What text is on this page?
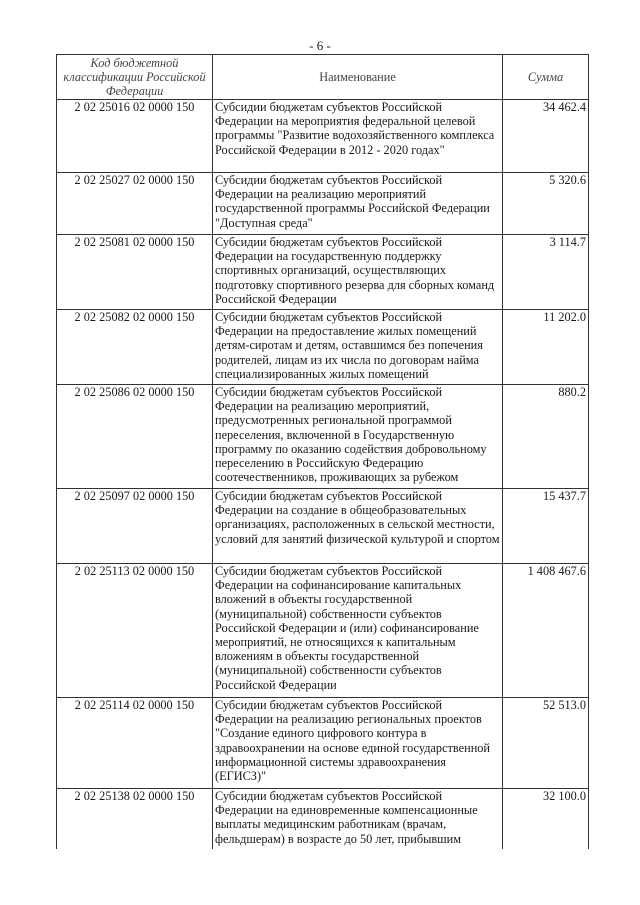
- 6 -
Код бюджетной классификации Российской Федерации	Наименование	Сумма
2 02 25016 02 0000 150	Субсидии бюджетам субъектов Российской Федерации на мероприятия федеральной целевой программы "Развитие водохозяйственного комплекса Российской Федерации в 2012 - 2020 годах"	34 462.4
2 02 25027 02 0000 150	Субсидии бюджетам субъектов Российской Федерации на реализацию мероприятий государственной программы Российской Федерации "Доступная среда"	5 320.6
2 02 25081 02 0000 150	Субсидии бюджетам субъектов Российской Федерации на государственную поддержку спортивных организаций, осуществляющих подготовку спортивного резерва для сборных команд Российской Федерации	3 114.7
2 02 25082 02 0000 150	Субсидии бюджетам субъектов Российской Федерации на предоставление жилых помещений детям-сиротам и детям, оставшимся без попечения родителей, лицам из их числа по договорам найма специализированных жилых помещений	11 202.0
2 02 25086 02 0000 150	Субсидии бюджетам субъектов Российской Федерации на реализацию мероприятий, предусмотренных региональной программой переселения, включенной в Государственную программу по оказанию содействия добровольному переселению в Российскую Федерацию соотечественников, проживающих за рубежом	880.2
2 02 25097 02 0000 150	Субсидии бюджетам субъектов Российской Федерации на создание в общеобразовательных организациях, расположенных в сельской местности, условий для занятий физической культурой и спортом	15 437.7
2 02 25113 02 0000 150	Субсидии бюджетам субъектов Российской Федерации на софинансирование капитальных вложений в объекты государственной (муниципальной) собственности субъектов Российской Федерации и (или) софинансирование мероприятий, не относящихся к капитальным вложениям в объекты государственной (муниципальной) собственности субъектов Российской Федерации	1 408 467.6
2 02 25114 02 0000 150	Субсидии бюджетам субъектов Российской Федерации на реализацию региональных проектов "Создание единого цифрового контура в здравоохранении на основе единой государственной информационной системы здравоохранения (ЕГИСЗ)"	52 513.0
2 02 25138 02 0000 150	Субсидии бюджетам субъектов Российской Федерации на единовременные компенсационные выплаты медицинским работникам (врачам, фельдшерам) в возрасте до 50 лет, прибывшим	32 100.0
